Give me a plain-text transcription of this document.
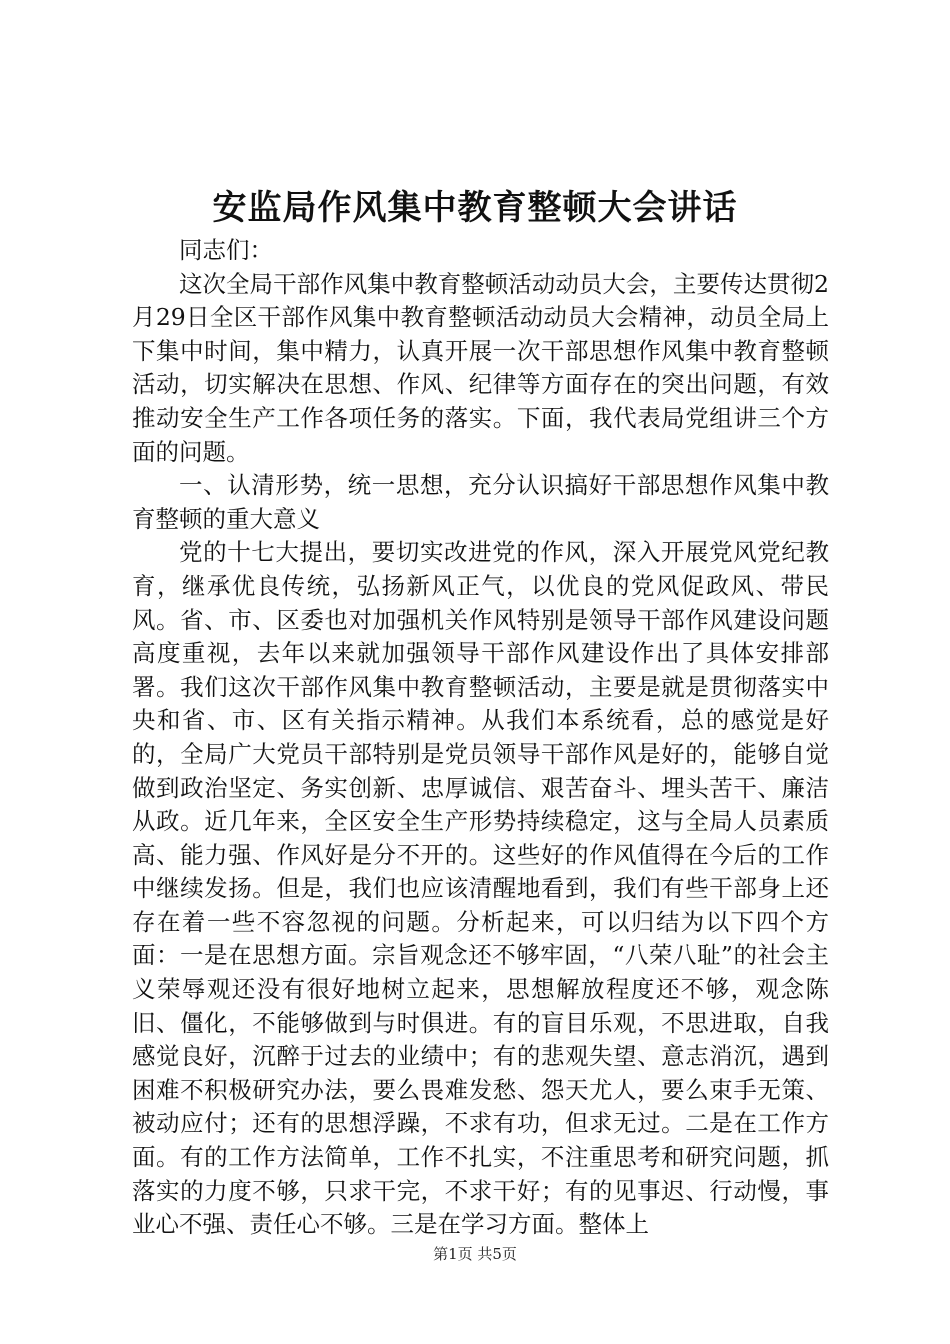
安监局作风集中教育整顿大会讲话

同志们：

这次全局干部作风集中教育整顿活动动员大会，主要传达贯彻2月29日全区干部作风集中教育整顿活动动员大会精神，动员全局上下集中时间，集中精力，认真开展一次干部思想作风集中教育整顿活动，切实解决在思想、作风、纪律等方面存在的突出问题，有效推动安全生产工作各项任务的落实。下面，我代表局党组讲三个方面的问题。

一、认清形势，统一思想，充分认识搞好干部思想作风集中教育整顿的重大意义

党的十七大提出，要切实改进党的作风，深入开展党风党纪教育，继承优良传统，弘扬新风正气，以优良的党风促政风、带民风。省、市、区委也对加强机关作风特别是领导干部作风建设问题高度重视，去年以来就加强领导干部作风建设作出了具体安排部署。我们这次干部作风集中教育整顿活动，主要是就是贯彻落实中央和省、市、区有关指示精神。从我们本系统看，总的感觉是好的，全局广大党员干部特别是党员领导干部作风是好的，能够自觉做到政治坚定、务实创新、忠厚诚信、艰苦奋斗、埋头苦干、廉洁从政。近几年来，全区安全生产形势持续稳定，这与全局人员素质高、能力强、作风好是分不开的。这些好的作风值得在今后的工作中继续发扬。但是，我们也应该清醒地看到，我们有些干部身上还存在着一些不容忽视的问题。分析起来，可以归结为以下四个方面：一是在思想方面。宗旨观念还不够牢固，“八荣八耻”的社会主义荣辱观还没有很好地树立起来，思想解放程度还不够，观念陈旧、僵化，不能够做到与时俱进。有的盲目乐观，不思进取，自我感觉良好，沉醉于过去的业绩中；有的悲观失望、意志消沉，遇到困难不积极研究办法，要么畏难发愁、怨天尤人，要么束手无策、被动应付；还有的思想浮躁，不求有功，但求无过。二是在工作方面。有的工作方法简单，工作不扎实，不注重思考和研究问题，抓落实的力度不够，只求干完，不求干好；有的见事迟、行动慢，事业心不强、责任心不够。三是在学习方面。整体上

第1页 共5页
